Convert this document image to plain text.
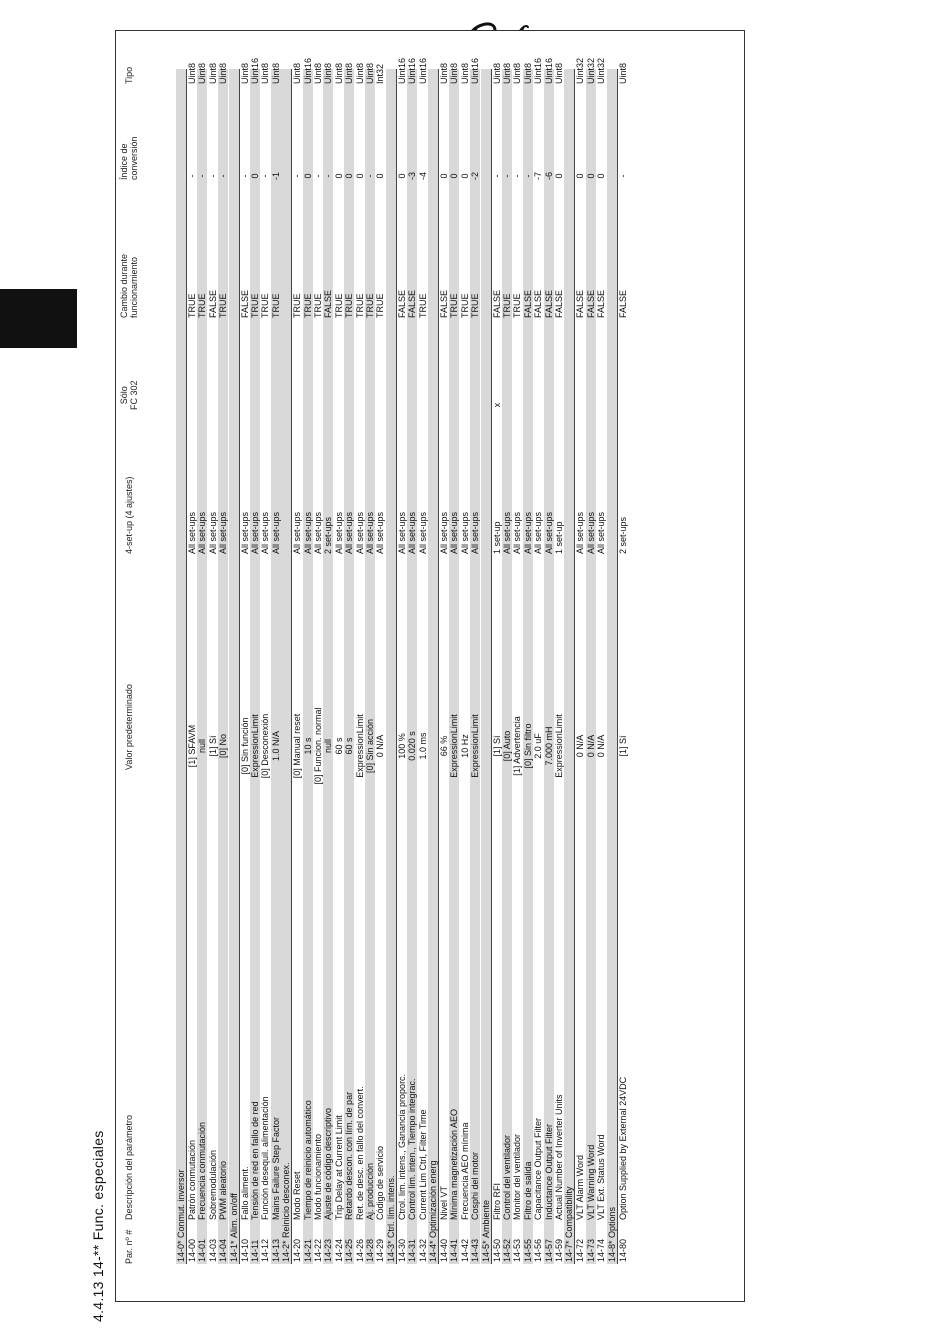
4.4.13 14-** Func. especiales Par. nº #
Descripción del parámetro
Valor predeterminado
4-set-up (4 ajustes)
Sólo FC 302
Cambio durante funcionamiento
Índice de conversión
Tipo
14-0*
Conmut. inversor
14-00
Patrón conmutación
[1] SFAVM
All set-ups
TRUE
-
Uint8
14-01
Frecuencia conmutación
null
All set-ups
TRUE
-
Uint8
14-03
Sobremodulación
[1] Sí
All set-ups
FALSE
-
Uint8
14-04
PWM aleatorio
[0] No
All set-ups
TRUE
-
Uint8
14-1*
Alim. on/off
14-10
Fallo aliment.
[0] Sin función
All set-ups
FALSE
-
Uint8
14-11
Tensión de red en fallo de red
ExpressionLimit
All set-ups
TRUE
0
Uint16
14-12
Función desequil. alimentación
[0] Desconexión
All set-ups
TRUE
-
Uint8
14-13
Mains Failure Step Factor
1.0 N/A
All set-ups
TRUE
-1
Uint8
14-2*
Reinicio desconex.
14-20
Modo Reset
[0] Manual reset
All set-ups
TRUE
-
Uint8
14-21
Tiempo de reinicio automático
10 s
All set-ups
TRUE
0
Uint16
14-22
Modo funcionamiento
[0] Funcion. normal
All set-ups
TRUE
-
Uint8
14-23
Ajuste de código descriptivo
null
2 set-ups
FALSE
-
Uint8
14-24
Trip Delay at Current Limit
60 s
All set-ups
TRUE
0
Uint8
14-25
Retardo descon. con lím. de par
60 s
All set-ups
TRUE
0
Uint8
14-26
Ret. de desc. en fallo del convert.
ExpressionLimit
All set-ups
TRUE
0
Uint8
14-28
Aj. producción
[0] Sin acción
All set-ups
TRUE
-
Uint8
14-29
Código de servicio
0 N/A
All set-ups
TRUE
0
Int32
14-3*
Ctrl. lím. intens.
14-30
Ctrol. lim. intens., Ganancia proporc.
100 %
All set-ups
FALSE
0
Uint16
14-31
Control lim. inten., Tiempo integrac.
0.020 s
All set-ups
FALSE
-3
Uint16
14-32
Current Lim Ctrl, Filter Time
1.0 ms
All set-ups
TRUE
-4
Uint16
14-4*
Optimización energ
14-40
Nivel VT
66 %
All set-ups
FALSE
0
Uint8
14-41
Mínima magnetización AEO
ExpressionLimit
All set-ups
TRUE
0
Uint8
14-42
Frecuencia AEO mínima
10 Hz
All set-ups
TRUE
0
Uint8
14-43
Cosphi del motor
ExpressionLimit
All set-ups
TRUE
-2
Uint16
14-5*
Ambiente
14-50
Filtro RFI
[1] Sí
1 set-up
x
FALSE
-
Uint8
14-52
Control del ventilador
[0] Auto
All set-ups
TRUE
-
Uint8
14-53
Monitor del ventilador
[1] Advertencia
All set-ups
TRUE
-
Uint8
14-55
Filtro de salida
[0] Sin filtro
All set-ups
FALSE
-
Uint8
14-56
Capacitance Output Filter
2.0 uF
All set-ups
FALSE
-7
Uint16
14-57
Inductance Output Filter
7.000 mH
All set-ups
FALSE
-6
Uint16
14-59
Actual Number of Inverter Units
ExpressionLimit
1 set-up
FALSE
0
Uint8
14-7*
Compatibility
14-72
VLT Alarm Word
0 N/A
All set-ups
FALSE
0
Uint32
14-73
VLT Warning Word
0 N/A
All set-ups
FALSE
0
Uint32
14-74
VLT Ext. Status Word
0 N/A
All set-ups
FALSE
0
Uint32
14-8*
Options
14-80
Option Supplied by External 24VDC
[1] Sí
2 set-ups
FALSE
-
Uint8
